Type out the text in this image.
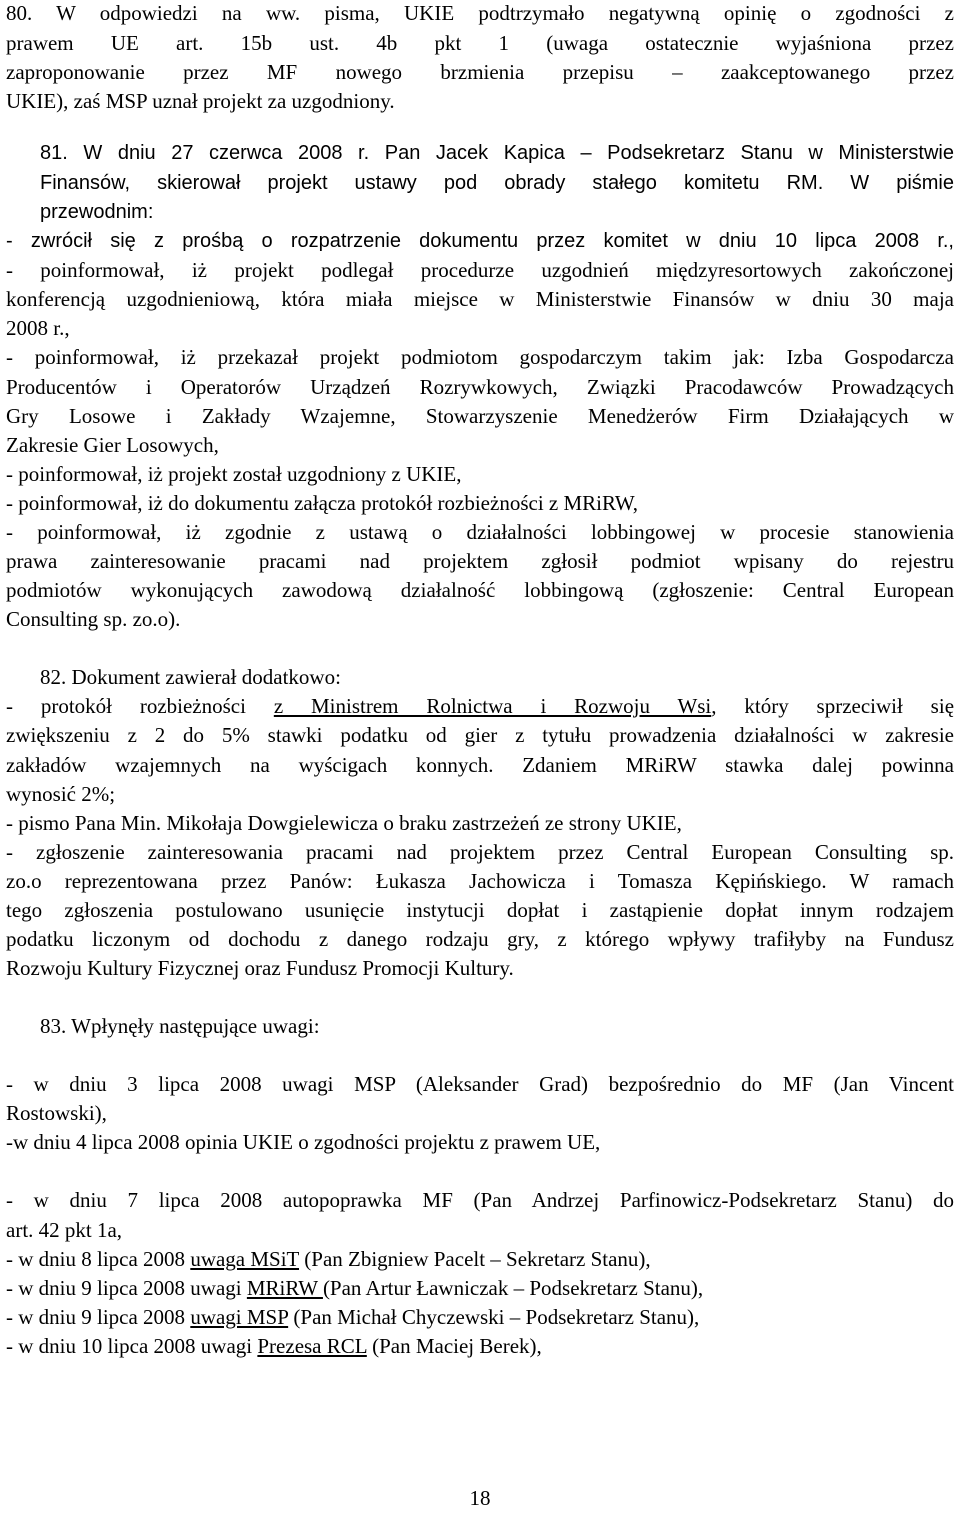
80. W odpowiedzi na ww. pisma, UKIE podtrzymało negatywną opinię o zgodności z

prawem UE art. 15b ust. 4b pkt 1 (uwaga ostatecznie wyjaśniona przez

zaproponowanie przez MF nowego brzmienia przepisu – zaakceptowanego przez

UKIE), zaś MSP uznał projekt za uzgodniony.

81. W dniu 27 czerwca 2008 r. Pan Jacek Kapica – Podsekretarz Stanu w Ministerstwie

Finansów, skierował projekt ustawy pod obrady stałego komitetu RM. W piśmie

przewodnim:

- zwrócił się z prośbą o rozpatrzenie dokumentu przez komitet w dniu 10 lipca 2008 r.,

- poinformował, iż projekt podlegał procedurze uzgodnień międzyresortowych zakończonej

konferencją uzgodnieniową, która miała miejsce w Ministerstwie Finansów w dniu 30 maja

2008 r.,

- poinformował, iż przekazał projekt podmiotom gospodarczym takim jak: Izba Gospodarcza

Producentów i Operatorów Urządzeń Rozrywkowych, Związki Pracodawców Prowadzących

Gry Losowe i Zakłady Wzajemne, Stowarzyszenie Menedżerów Firm Działających w

Zakresie Gier Losowych,

- poinformował, iż projekt został uzgodniony z UKIE,

- poinformował, iż do dokumentu załącza protokół rozbieżności z MRiRW,

- poinformował, iż zgodnie z ustawą o działalności lobbingowej w procesie stanowienia

prawa zainteresowanie pracami nad projektem zgłosił podmiot wpisany do rejestru

podmiotów wykonujących zawodową działalność lobbingową (zgłoszenie: Central European

Consulting sp. zo.o).

82. Dokument zawierał dodatkowo:

- protokół rozbieżności z Ministrem Rolnictwa i Rozwoju Wsi, który sprzeciwił się

zwiększeniu z 2 do 5% stawki podatku od gier z tytułu prowadzenia działalności w zakresie

zakładów wzajemnych na wyścigach konnych. Zdaniem MRiRW stawka dalej powinna

wynosić 2%;

- pismo Pana Min. Mikołaja Dowgielewicza o braku zastrzeżeń ze strony UKIE,

- zgłoszenie zainteresowania pracami nad projektem przez Central European Consulting sp.

zo.o reprezentowana przez Panów: Łukasza Jachowicza i Tomasza Kępińskiego. W ramach

tego zgłoszenia postulowano usunięcie instytucji dopłat i zastąpienie dopłat innym rodzajem

podatku liczonym od dochodu z danego rodzaju gry, z którego wpływy trafiłyby na Fundusz

Rozwoju Kultury Fizycznej oraz Fundusz Promocji Kultury.

83. Wpłynęły następujące uwagi:

- w dniu 3 lipca 2008 uwagi MSP (Aleksander Grad) bezpośrednio do MF (Jan Vincent

Rostowski),

-w dniu 4 lipca 2008 opinia UKIE o zgodności projektu z prawem UE,

- w dniu 7 lipca 2008 autopoprawka MF (Pan Andrzej Parfinowicz-Podsekretarz Stanu) do

art. 42 pkt 1a,

- w dniu 8 lipca 2008 uwaga MSiT (Pan Zbigniew Pacelt – Sekretarz Stanu),

- w dniu 9 lipca 2008 uwagi MRiRW (Pan Artur Ławniczak – Podsekretarz Stanu),

- w dniu 9 lipca 2008 uwagi MSP (Pan Michał Chyczewski – Podsekretarz Stanu),

- w dniu 10 lipca 2008 uwagi Prezesa RCL (Pan Maciej Berek),

18
